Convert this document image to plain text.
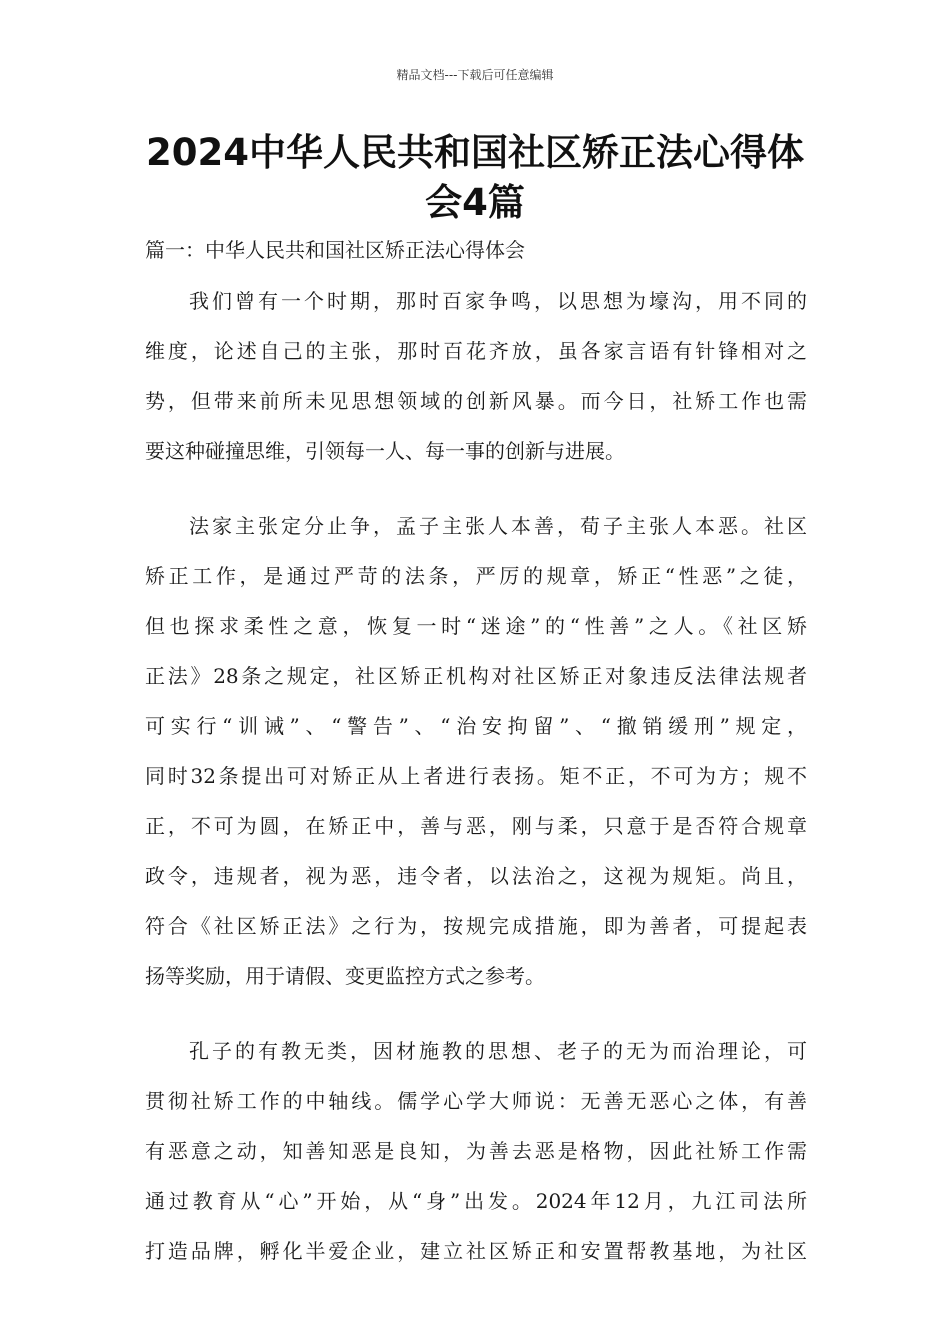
精品文档---下载后可任意编辑
2024中华人民共和国社区矫正法心得体
会4篇
篇一：中华人民共和国社区矫正法心得体会

我们曾有一个时期，那时百家争鸣，以思想为壕沟，用不同的
维度，论述自己的主张，那时百花齐放，虽各家言语有针锋相对之
势，但带来前所未见思想领域的创新风暴。而今日，社矫工作也需
要这种碰撞思维，引领每一人、每一事的创新与进展。

法家主张定分止争，孟子主张人本善，荀子主张人本恶。社区
矫正工作，是通过严苛的法条，严厉的规章，矫正“性恶”之徒，
但也探求柔性之意，恢复一时“迷途”的“性善”之人。《社区矫
正法》28条之规定，社区矫正机构对社区矫正对象违反法律法规者
可实行“训诫”、“警告”、“治安拘留”、“撤销缓刑”规定，
同时32条提出可对矫正从上者进行表扬。矩不正，不可为方；规不
正，不可为圆，在矫正中，善与恶，刚与柔，只意于是否符合规章
政令，违规者，视为恶，违令者，以法治之，这视为规矩。尚且，
符合《社区矫正法》之行为，按规完成措施，即为善者，可提起表
扬等奖励，用于请假、变更监控方式之参考。

孔子的有教无类，因材施教的思想、老子的无为而治理论，可
贯彻社矫工作的中轴线。儒学心学大师说：无善无恶心之体，有善
有恶意之动，知善知恶是良知，为善去恶是格物，因此社矫工作需
通过教育从“心”开始，从“身”出发。2024年12月，九江司法所
打造品牌，孵化半爱企业，建立社区矫正和安置帮教基地，为社区
